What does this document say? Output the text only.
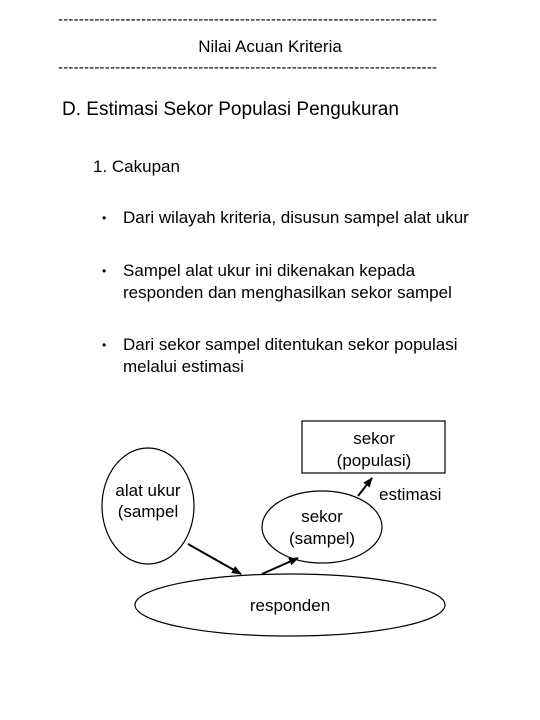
-------------------------------------------------------------------------
Nilai Acuan Kriteria
-------------------------------------------------------------------------
D. Estimasi Sekor Populasi Pengukuran
1. Cakupan
• Dari wilayah kriteria, disusun sampel alat ukur
• Sampel alat ukur ini dikenakan kepada
responden dan menghasilkan sekor sampel
• Dari sekor sampel ditentukan sekor populasi
melalui estimasi
sekor
(populasi)
alat ukur
(sampel	sekor
(sampel)
responden
estimasi
